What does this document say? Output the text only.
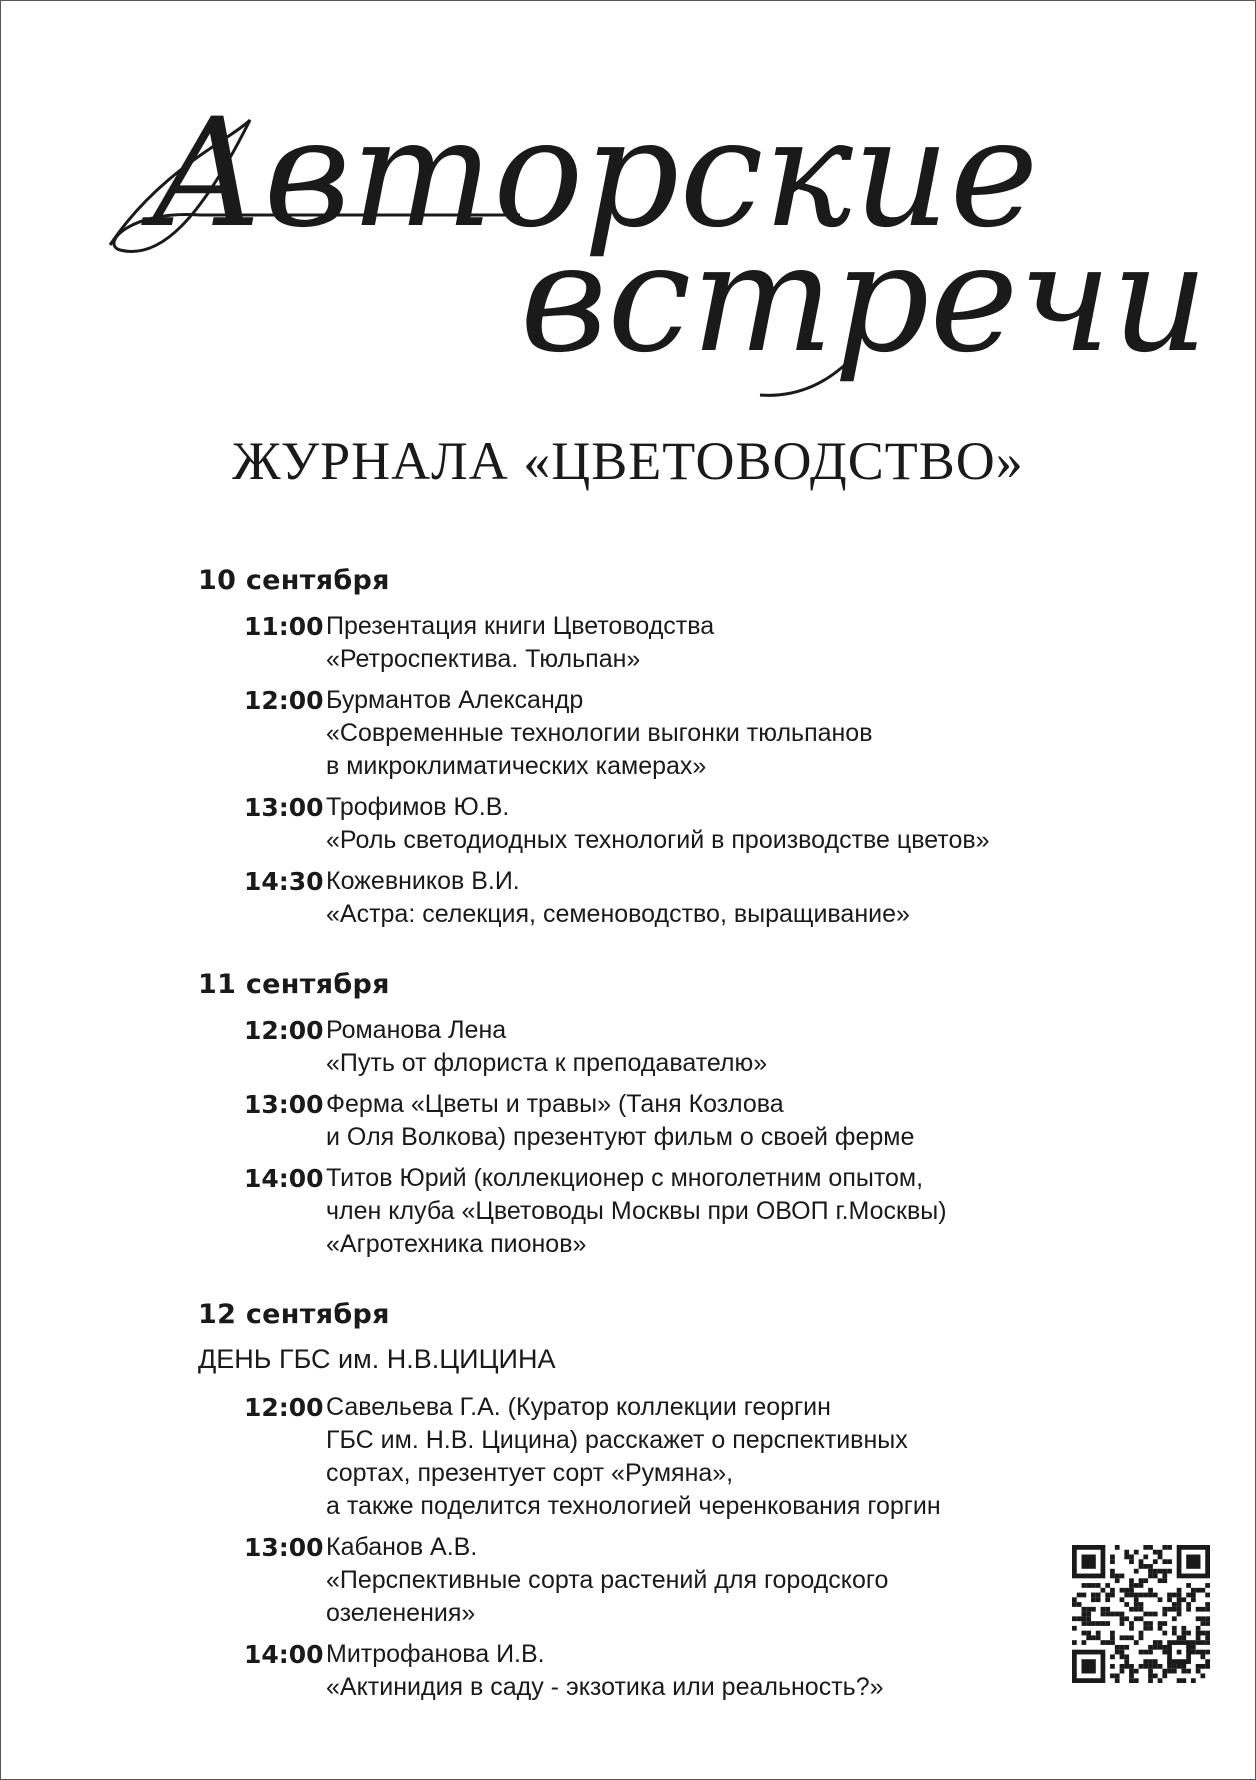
Авторские
встречи
ЖУРНАЛА «ЦВЕТОВОДСТВО»
10 сентября
11:00 Презентация книги Цветоводства
«Ретроспектива. Тюльпан»
12:00 Бурмантов Александр
«Современные технологии выгонки тюльпанов
в микроклиматических камерах»
13:00 Трофимов Ю.В.
«Роль светодиодных технологий в производстве цветов»
14:30 Кожевников В.И.
«Астра: селекция, семеноводство, выращивание»
11 сентября
12:00 Романова Лена
«Путь от флориста к преподавателю»
13:00 Ферма «Цветы и травы» (Таня Козлова
и Оля Волкова) презентуют фильм о своей ферме
14:00 Титов Юрий (коллекционер с многолетним опытом,
член клуба «Цветоводы Москвы при ОВОП г.Москвы)
«Агротехника пионов»
12 сентября
ДЕНЬ ГБС им. Н.В.ЦИЦИНА
12:00 Савельева Г.А. (Куратор коллекции георгин
ГБС им. Н.В. Цицина) расскажет о перспективных
сортах, презентует сорт «Румяна»,
а также поделится технологией черенкования горгин
13:00 Кабанов А.В.
«Перспективные сорта растений для городского
озеленения»
14:00 Митрофанова И.В.
«Актинидия в саду - экзотика или реальность?»
